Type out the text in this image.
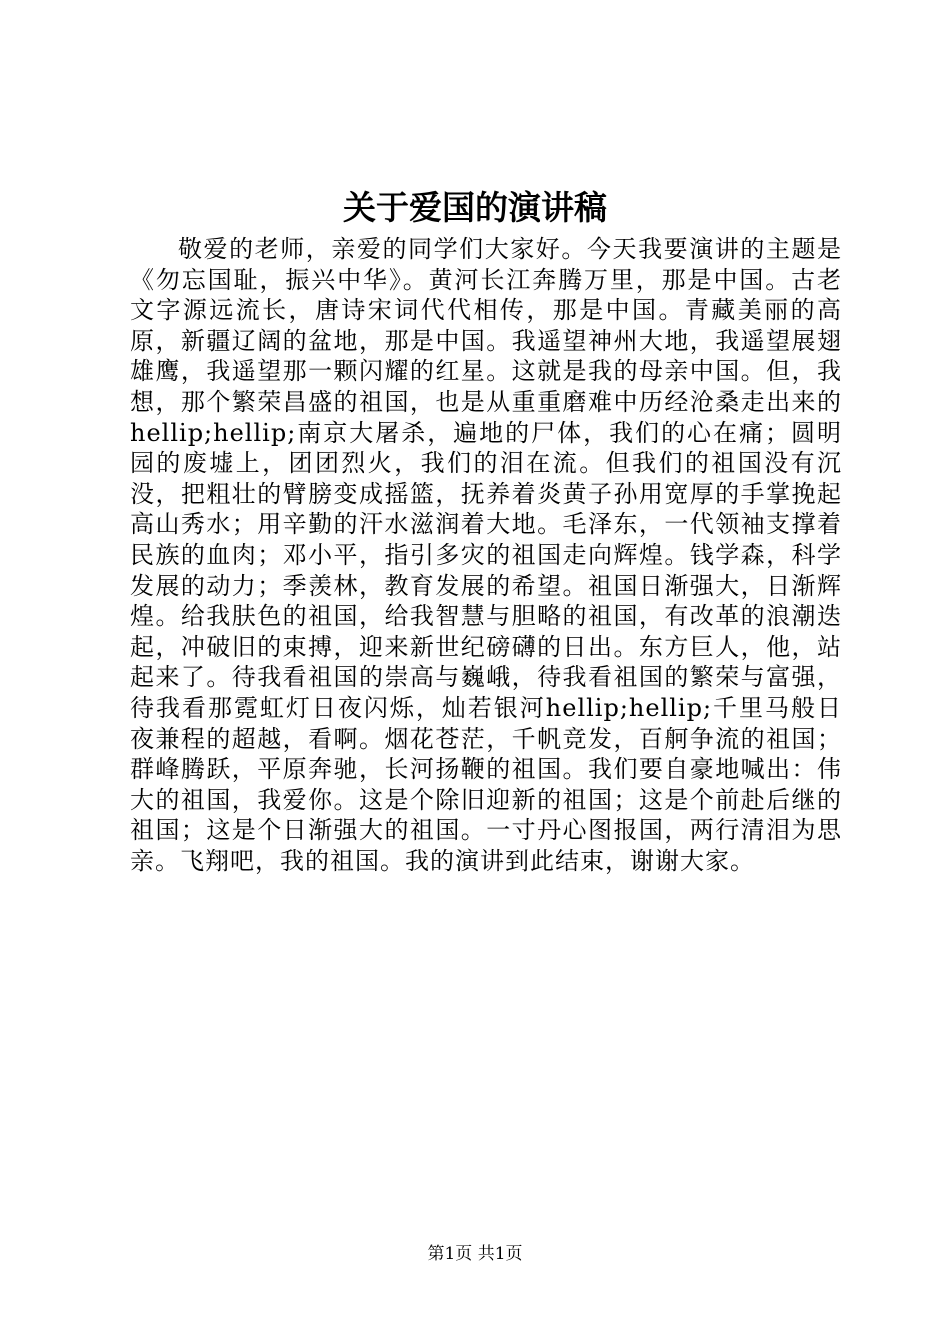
关于爱国的演讲稿

敬爱的老师，亲爱的同学们大家好。今天我要演讲的主题是《勿忘国耻，振兴中华》。黄河长江奔腾万里，那是中国。古老文字源远流长，唐诗宋词代代相传，那是中国。青藏美丽的高原，新疆辽阔的盆地，那是中国。我遥望神州大地，我遥望展翅雄鹰，我遥望那一颗闪耀的红星。这就是我的母亲中国。但，我想，那个繁荣昌盛的祖国，也是从重重磨难中历经沧桑走出来的hellip;hellip;南京大屠杀，遍地的尸体，我们的心在痛；圆明园的废墟上，团团烈火，我们的泪在流。但我们的祖国没有沉没，把粗壮的臂膀变成摇篮，抚养着炎黄子孙用宽厚的手掌挽起高山秀水；用辛勤的汗水滋润着大地。毛泽东，一代领袖支撑着民族的血肉；邓小平，指引多灾的祖国走向辉煌。钱学森，科学发展的动力；季羡林，教育发展的希望。祖国日渐强大，日渐辉煌。给我肤色的祖国，给我智慧与胆略的祖国，有改革的浪潮迭起，冲破旧的束搏，迎来新世纪磅礴的日出。东方巨人，他，站起来了。待我看祖国的崇高与巍峨，待我看祖国的繁荣与富强，待我看那霓虹灯日夜闪烁，灿若银河hellip;hellip;千里马般日夜兼程的超越，看啊。烟花苍茫，千帆竞发，百舸争流的祖国；群峰腾跃，平原奔驰，长河扬鞭的祖国。我们要自豪地喊出：伟大的祖国，我爱你。这是个除旧迎新的祖国；这是个前赴后继的祖国；这是个日渐强大的祖国。一寸丹心图报国，两行清泪为思亲。飞翔吧，我的祖国。我的演讲到此结束，谢谢大家。

第1页 共1页
